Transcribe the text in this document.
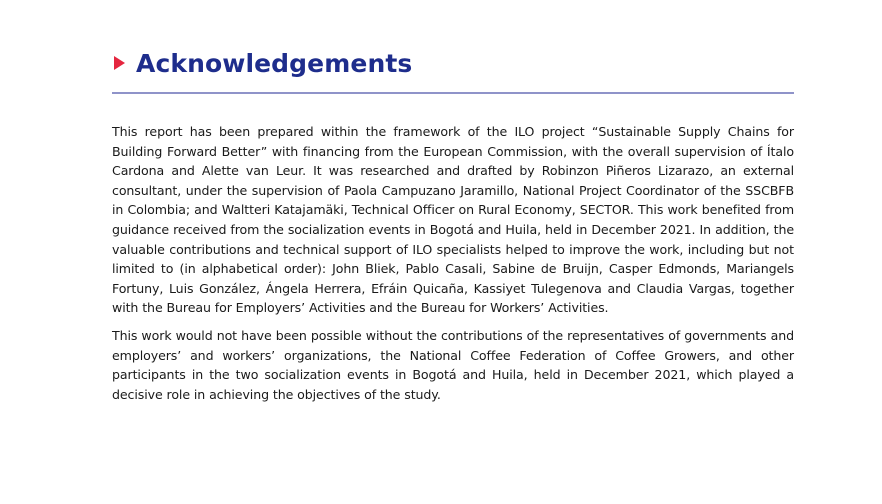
Acknowledgements

This report has been prepared within the framework of the ILO project “Sustainable Supply Chains for Building Forward Better” with financing from the European Commission, with the overall supervision of Ítalo Cardona and Alette van Leur. It was researched and drafted by Robinzon Piñeros Lizarazo, an external consultant, under the supervision of Paola Campuzano Jaramillo, National Project Coordinator of the SSCBFB in Colombia; and Waltteri Katajamäki, Technical Officer on Rural Economy, SECTOR. This work benefited from guidance received from the socialization events in Bogotá and Huila, held in December 2021. In addition, the valuable contributions and technical support of ILO specialists helped to improve the work, including but not limited to (in alphabetical order): John Bliek, Pablo Casali, Sabine de Bruijn, Casper Edmonds, Mariangels Fortuny, Luis González, Ángela Herrera, Efráin Quicaña, Kassiyet Tulegenova and Claudia Vargas, together with the Bureau for Employers’ Activities and the Bureau for Workers’ Activities.

This work would not have been possible without the contributions of the representatives of governments and employers’ and workers’ organizations, the National Coffee Federation of Coffee Growers, and other participants in the two socialization events in Bogotá and Huila, held in December 2021, which played a decisive role in achieving the objectives of the study.
